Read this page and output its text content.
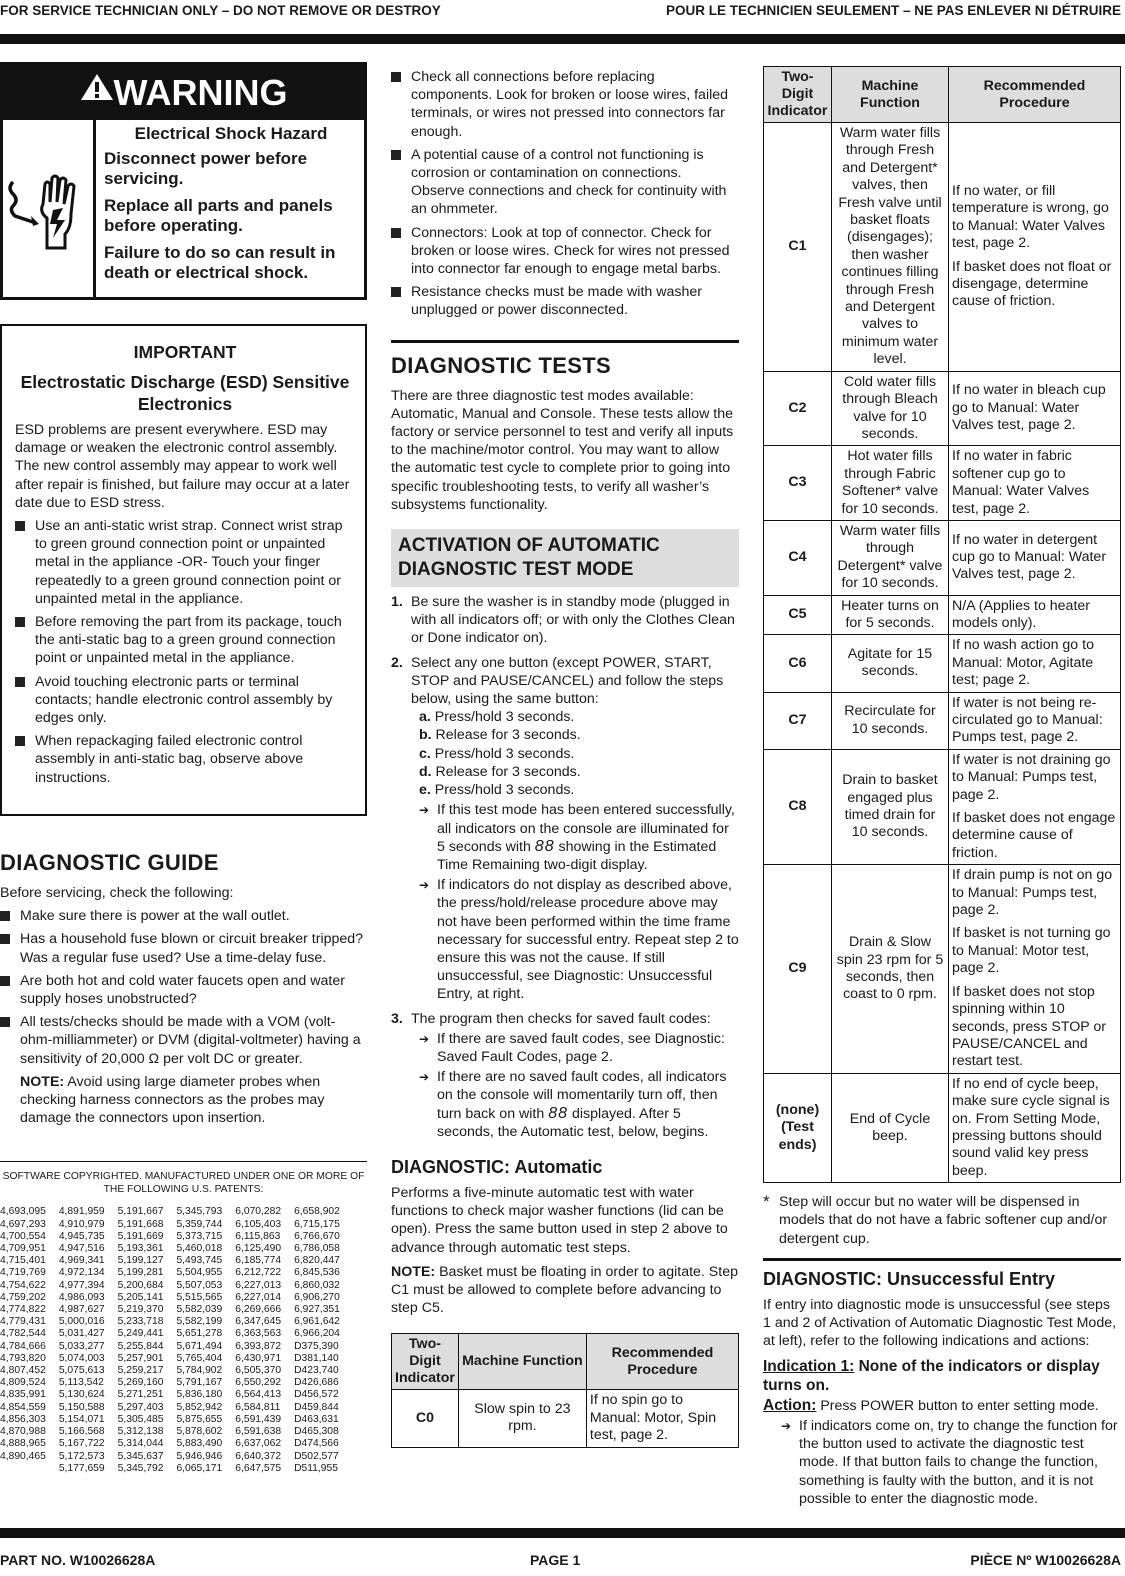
FOR SERVICE TECHNICIAN ONLY – DO NOT REMOVE OR DESTROY	POUR LE TECHNICIEN SEULEMENT – NE PAS ENLEVER NI DÉTRUIRE
WARNING
Electrical Shock Hazard

Disconnect power before servicing.

Replace all parts and panels before operating.

Failure to do so can result in death or electrical shock.

IMPORTANT
Electrostatic Discharge (ESD) Sensitive Electronics

ESD problems are present everywhere. ESD may damage or weaken the electronic control assembly. The new control assembly may appear to work well after repair is finished, but failure may occur at a later date due to ESD stress.

Use an anti-static wrist strap. Connect wrist strap to green ground connection point or unpainted metal in the appliance -OR- Touch your finger repeatedly to a green ground connection point or unpainted metal in the appliance.

Before removing the part from its package, touch the anti-static bag to a green ground connection point or unpainted metal in the appliance.

Avoid touching electronic parts or terminal contacts; handle electronic control assembly by edges only.

When repackaging failed electronic control assembly in anti-static bag, observe above instructions.

DIAGNOSTIC GUIDE

Before servicing, check the following:

Make sure there is power at the wall outlet.

Has a household fuse blown or circuit breaker tripped? Was a regular fuse used? Use a time-delay fuse.

Are both hot and cold water faucets open and water supply hoses unobstructed?

All tests/checks should be made with a VOM (volt-ohm-milliammeter) or DVM (digital-voltmeter) having a sensitivity of 20,000 Ω per volt DC or greater.

NOTE: Avoid using large diameter probes when checking harness connectors as the probes may damage the connectors upon insertion.

SOFTWARE COPYRIGHTED. MANUFACTURED UNDER ONE OR MORE OF THE FOLLOWING U.S. PATENTS:

4,693,095	4,891,959	5,191,667	5,345,793	6,070,282	6,658,902
4,697,293	4,910,979	5,191,668	5,359,744	6,105,403	6,715,175
4,700,554	4,945,735	5,191,669	5,373,715	6,115,863	6,766,670
4,709,951	4,947,516	5,193,361	5,460,018	6,125,490	6,786,058
4,715,401	4,969,341	5,199,127	5,493,745	6,185,774	6,820,447
4,719,769	4,972,134	5,199,281	5,504,955	6,212,722	6,845,536
4,754,622	4,977,394	5,200,684	5,507,053	6,227,013	6,860,032
4,759,202	4,986,093	5,205,141	5,515,565	6,227,014	6,906,270
4,774,822	4,987,627	5,219,370	5,582,039	6,269,666	6,927,351
4,779,431	5,000,016	5,233,718	5,582,199	6,347,645	6,961,642
4,782,544	5,031,427	5,249,441	5,651,278	6,363,563	6,966,204
4,784,666	5,033,277	5,255,844	5,671,494	6,393,872	D375,390
4,793,820	5,074,003	5,257,901	5,765,404	6,430,971	D381,140
4,807,452	5,075,613	5,259,217	5,784,902	6,505,370	D423,740
4,809,524	5,113,542	5,269,160	5,791,167	6,550,292	D426,686
4,835,991	5,130,624	5,271,251	5,836,180	6,564,413	D456,572
4,854,559	5,150,588	5,297,403	5,852,942	6,584,811	D459,844
4,856,303	5,154,071	5,305,485	5,875,655	6,591,439	D463,631
4,870,988	5,166,568	5,312,138	5,878,602	6,591,638	D465,308
4,888,965	5,167,722	5,314,044	5,883,490	6,637,062	D474,566
4,890,465	5,172,573	5,345,637	5,946,946	6,640,372	D502,577
	5,177,659	5,345,792	6,065,171	6,647,575	D511,955

Check all connections before replacing components. Look for broken or loose wires, failed terminals, or wires not pressed into connectors far enough.

A potential cause of a control not functioning is corrosion or contamination on connections. Observe connections and check for continuity with an ohmmeter.

Connectors: Look at top of connector. Check for broken or loose wires. Check for wires not pressed into connector far enough to engage metal barbs.

Resistance checks must be made with washer unplugged or power disconnected.

DIAGNOSTIC TESTS

There are three diagnostic test modes available: Automatic, Manual and Console. These tests allow the factory or service personnel to test and verify all inputs to the machine/motor control. You may want to allow the automatic test cycle to complete prior to going into specific troubleshooting tests, to verify all washer’s subsystems functionality.

ACTIVATION OF AUTOMATIC DIAGNOSTIC TEST MODE
1. Be sure the washer is in standby mode (plugged in with all indicators off; or with only the Clothes Clean or Done indicator on).
2. Select any one button (except POWER, START, STOP and PAUSE/CANCEL) and follow the steps below, using the same button:
a. Press/hold 3 seconds.
b. Release for 3 seconds.
c. Press/hold 3 seconds.
d. Release for 3 seconds.
e. Press/hold 3 seconds.
➔ If this test mode has been entered successfully, all indicators on the console are illuminated for 5 seconds with 88 showing in the Estimated Time Remaining two-digit display.
➔ If indicators do not display as described above, the press/hold/release procedure above may not have been performed within the time frame necessary for successful entry. Repeat step 2 to ensure this was not the cause. If still unsuccessful, see Diagnostic: Unsuccessful Entry, at right.
3. The program then checks for saved fault codes:
➔ If there are saved fault codes, see Diagnostic: Saved Fault Codes, page 2.
➔ If there are no saved fault codes, all indicators on the console will momentarily turn off, then turn back on with 88 displayed. After 5 seconds, the Automatic test, below, begins.
DIAGNOSTIC: Automatic

Performs a five-minute automatic test with water functions to check major washer functions (lid can be open). Press the same button used in step 2 above to advance through automatic test steps.

NOTE: Basket must be floating in order to agitate. Step C1 must be allowed to complete before advancing to step C5.

Two-Digit Indicator	Machine Function	Recommended Procedure
C0	Slow spin to 23 rpm.	If no spin go to Manual: Motor, Spin test, page 2.

Two-Digit Indicator	Machine Function	Recommended Procedure
C1	Warm water fills through Fresh and Detergent* valves, then Fresh valve until basket floats (disengages); then washer continues filling through Fresh and Detergent valves to minimum water level.	If no water, or fill temperature is wrong, go to Manual: Water Valves test, page 2.

If basket does not float or disengage, determine cause of friction.

C2	Cold water fills through Bleach valve for 10 seconds.	If no water in bleach cup go to Manual: Water Valves test, page 2.

C3	Hot water fills through Fabric Softener* valve for 10 seconds.	If no water in fabric softener cup go to Manual: Water Valves test, page 2.

C4	Warm water fills through Detergent* valve for 10 seconds.	If no water in detergent cup go to Manual: Water Valves test, page 2.

C5	Heater turns on for 5 seconds.	N/A (Applies to heater models only).

C6	Agitate for 15 seconds.	If no wash action go to Manual: Motor, Agitate test; page 2.

C7	Recirculate for 10 seconds.	If water is not being re-circulated go to Manual: Pumps test, page 2.

C8	Drain to basket engaged plus timed drain for 10 seconds.	If water is not draining go to Manual: Pumps test, page 2.

If basket does not engage determine cause of friction.

C9	Drain & Slow spin 23 rpm for 5 seconds, then coast to 0 rpm.	If drain pump is not on go to Manual: Pumps test, page 2.

If basket is not turning go to Manual: Motor test, page 2.

If basket does not stop spinning within 10 seconds, press STOP or PAUSE/CANCEL and restart test.

(none) (Test ends)	End of Cycle beep.	If no end of cycle beep, make sure cycle signal is on. From Setting Mode, pressing buttons should sound valid key press beep.

* Step will occur but no water will be dispensed in models that do not have a fabric softener cup and/or detergent cup.

DIAGNOSTIC: Unsuccessful Entry

If entry into diagnostic mode is unsuccessful (see steps 1 and 2 of Activation of Automatic Diagnostic Test Mode, at left), refer to the following indications and actions:

Indication 1: None of the indicators or display turns on.

Action: Press POWER button to enter setting mode.

➔ If indicators come on, try to change the function for the button used to activate the diagnostic test mode. If that button fails to change the function, something is faulty with the button, and it is not possible to enter the diagnostic mode.
PART NO. W10026628A	PAGE 1	PIÈCE Nº W10026628A
